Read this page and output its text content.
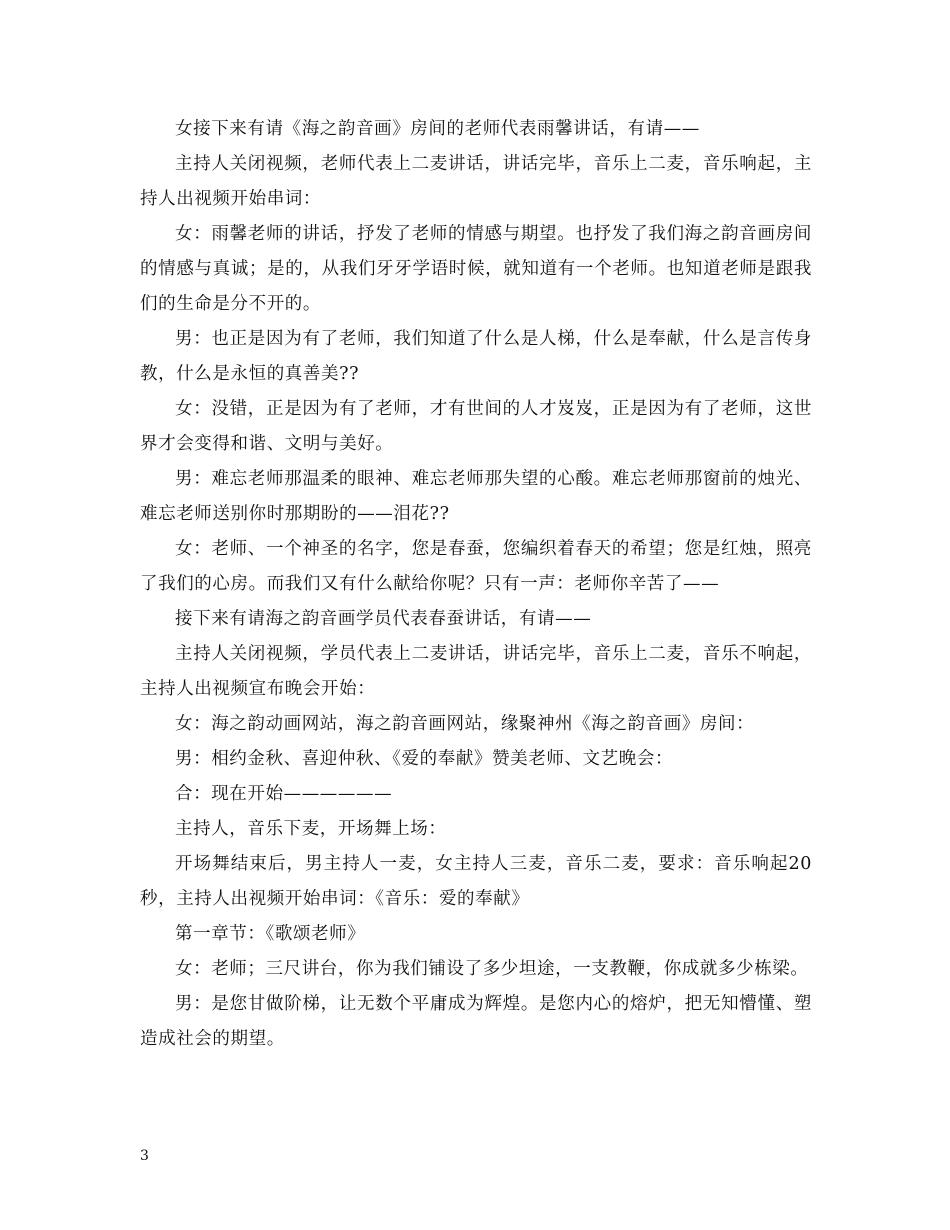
女接下来有请《海之韵音画》房间的老师代表雨馨讲话，有请——

主持人关闭视频，老师代表上二麦讲话，讲话完毕，音乐上二麦，音乐响起，主持人出视频开始串词：

女：雨馨老师的讲话，抒发了老师的情感与期望。也抒发了我们海之韵音画房间的情感与真诚；是的，从我们牙牙学语时候，就知道有一个老师。也知道老师是跟我们的生命是分不开的。

男：也正是因为有了老师，我们知道了什么是人梯，什么是奉献，什么是言传身教，什么是永恒的真善美??

女：没错，正是因为有了老师，才有世间的人才岌岌，正是因为有了老师，这世界才会变得和谐、文明与美好。

男：难忘老师那温柔的眼神、难忘老师那失望的心酸。难忘老师那窗前的烛光、难忘老师送别你时那期盼的——泪花??

女：老师、一个神圣的名字，您是春蚕，您编织着春天的希望；您是红烛，照亮了我们的心房。而我们又有什么献给你呢？只有一声：老师你辛苦了——

接下来有请海之韵音画学员代表春蚕讲话，有请——

主持人关闭视频，学员代表上二麦讲话，讲话完毕，音乐上二麦，音乐不响起，主持人出视频宣布晚会开始：

女：海之韵动画网站，海之韵音画网站，缘聚神州《海之韵音画》房间：

男：相约金秋、喜迎仲秋、《爱的奉献》赞美老师、文艺晚会：

合：现在开始——————

主持人，音乐下麦，开场舞上场：

开场舞结束后，男主持人一麦，女主持人三麦，音乐二麦，要求：音乐响起20秒，主持人出视频开始串词：《音乐：爱的奉献》

第一章节：《歌颂老师》

女：老师；三尺讲台，你为我们铺设了多少坦途，一支教鞭，你成就多少栋梁。

男：是您甘做阶梯，让无数个平庸成为辉煌。是您内心的熔炉，把无知懵懂、塑造成社会的期望。

3
